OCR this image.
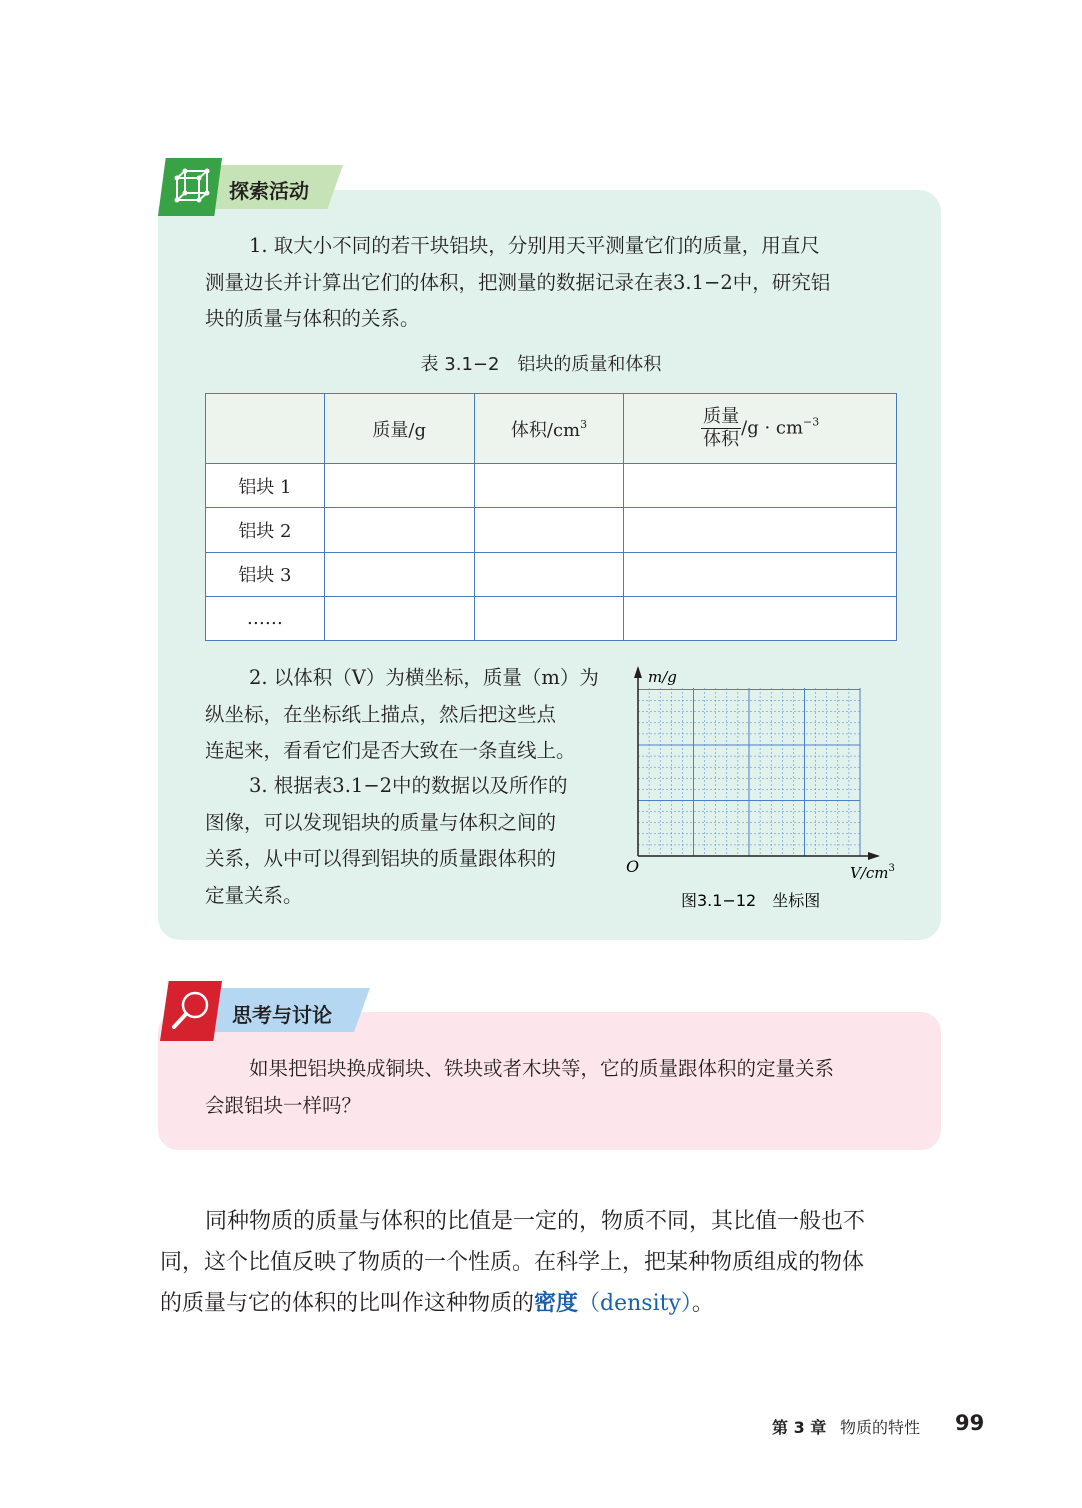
探索活动
1. 取大小不同的若干块铝块，分别用天平测量它们的质量，用直尺
测量边长并计算出它们的体积，把测量的数据记录在表3.1−2中，研究铝
块的质量与体积的关系。
表 3.1−2　铝块的质量和体积
	质量/g	体积$/cm^3$	$\frac{\text{质量}}{\text{体积}} /g \cdot cm^{-3}$
铝块 1			
铝块 2			
铝块 3			
……			
2. 以体积（V）为横坐标，质量（m）为
纵坐标，在坐标纸上描点，然后把这些点
连起来，看看它们是否大致在一条直线上。
3. 根据表3.1−2中的数据以及所作的
图像，可以发现铝块的质量与体积之间的
关系，从中可以得到铝块的质量跟体积的
定量关系。
m/g
O	$V/cm^3$
图3.1−12　坐标图
思考与讨论
如果把铝块换成铜块、铁块或者木块等，它的质量跟体积的定量关系
会跟铝块一样吗？
同种物质的质量与体积的比值是一定的，物质不同，其比值一般也不
同，这个比值反映了物质的一个性质。在科学上，把某种物质组成的物体
的质量与它的体积的比叫作这种物质的密度（density）。
第 3 章 物质的特性 99
